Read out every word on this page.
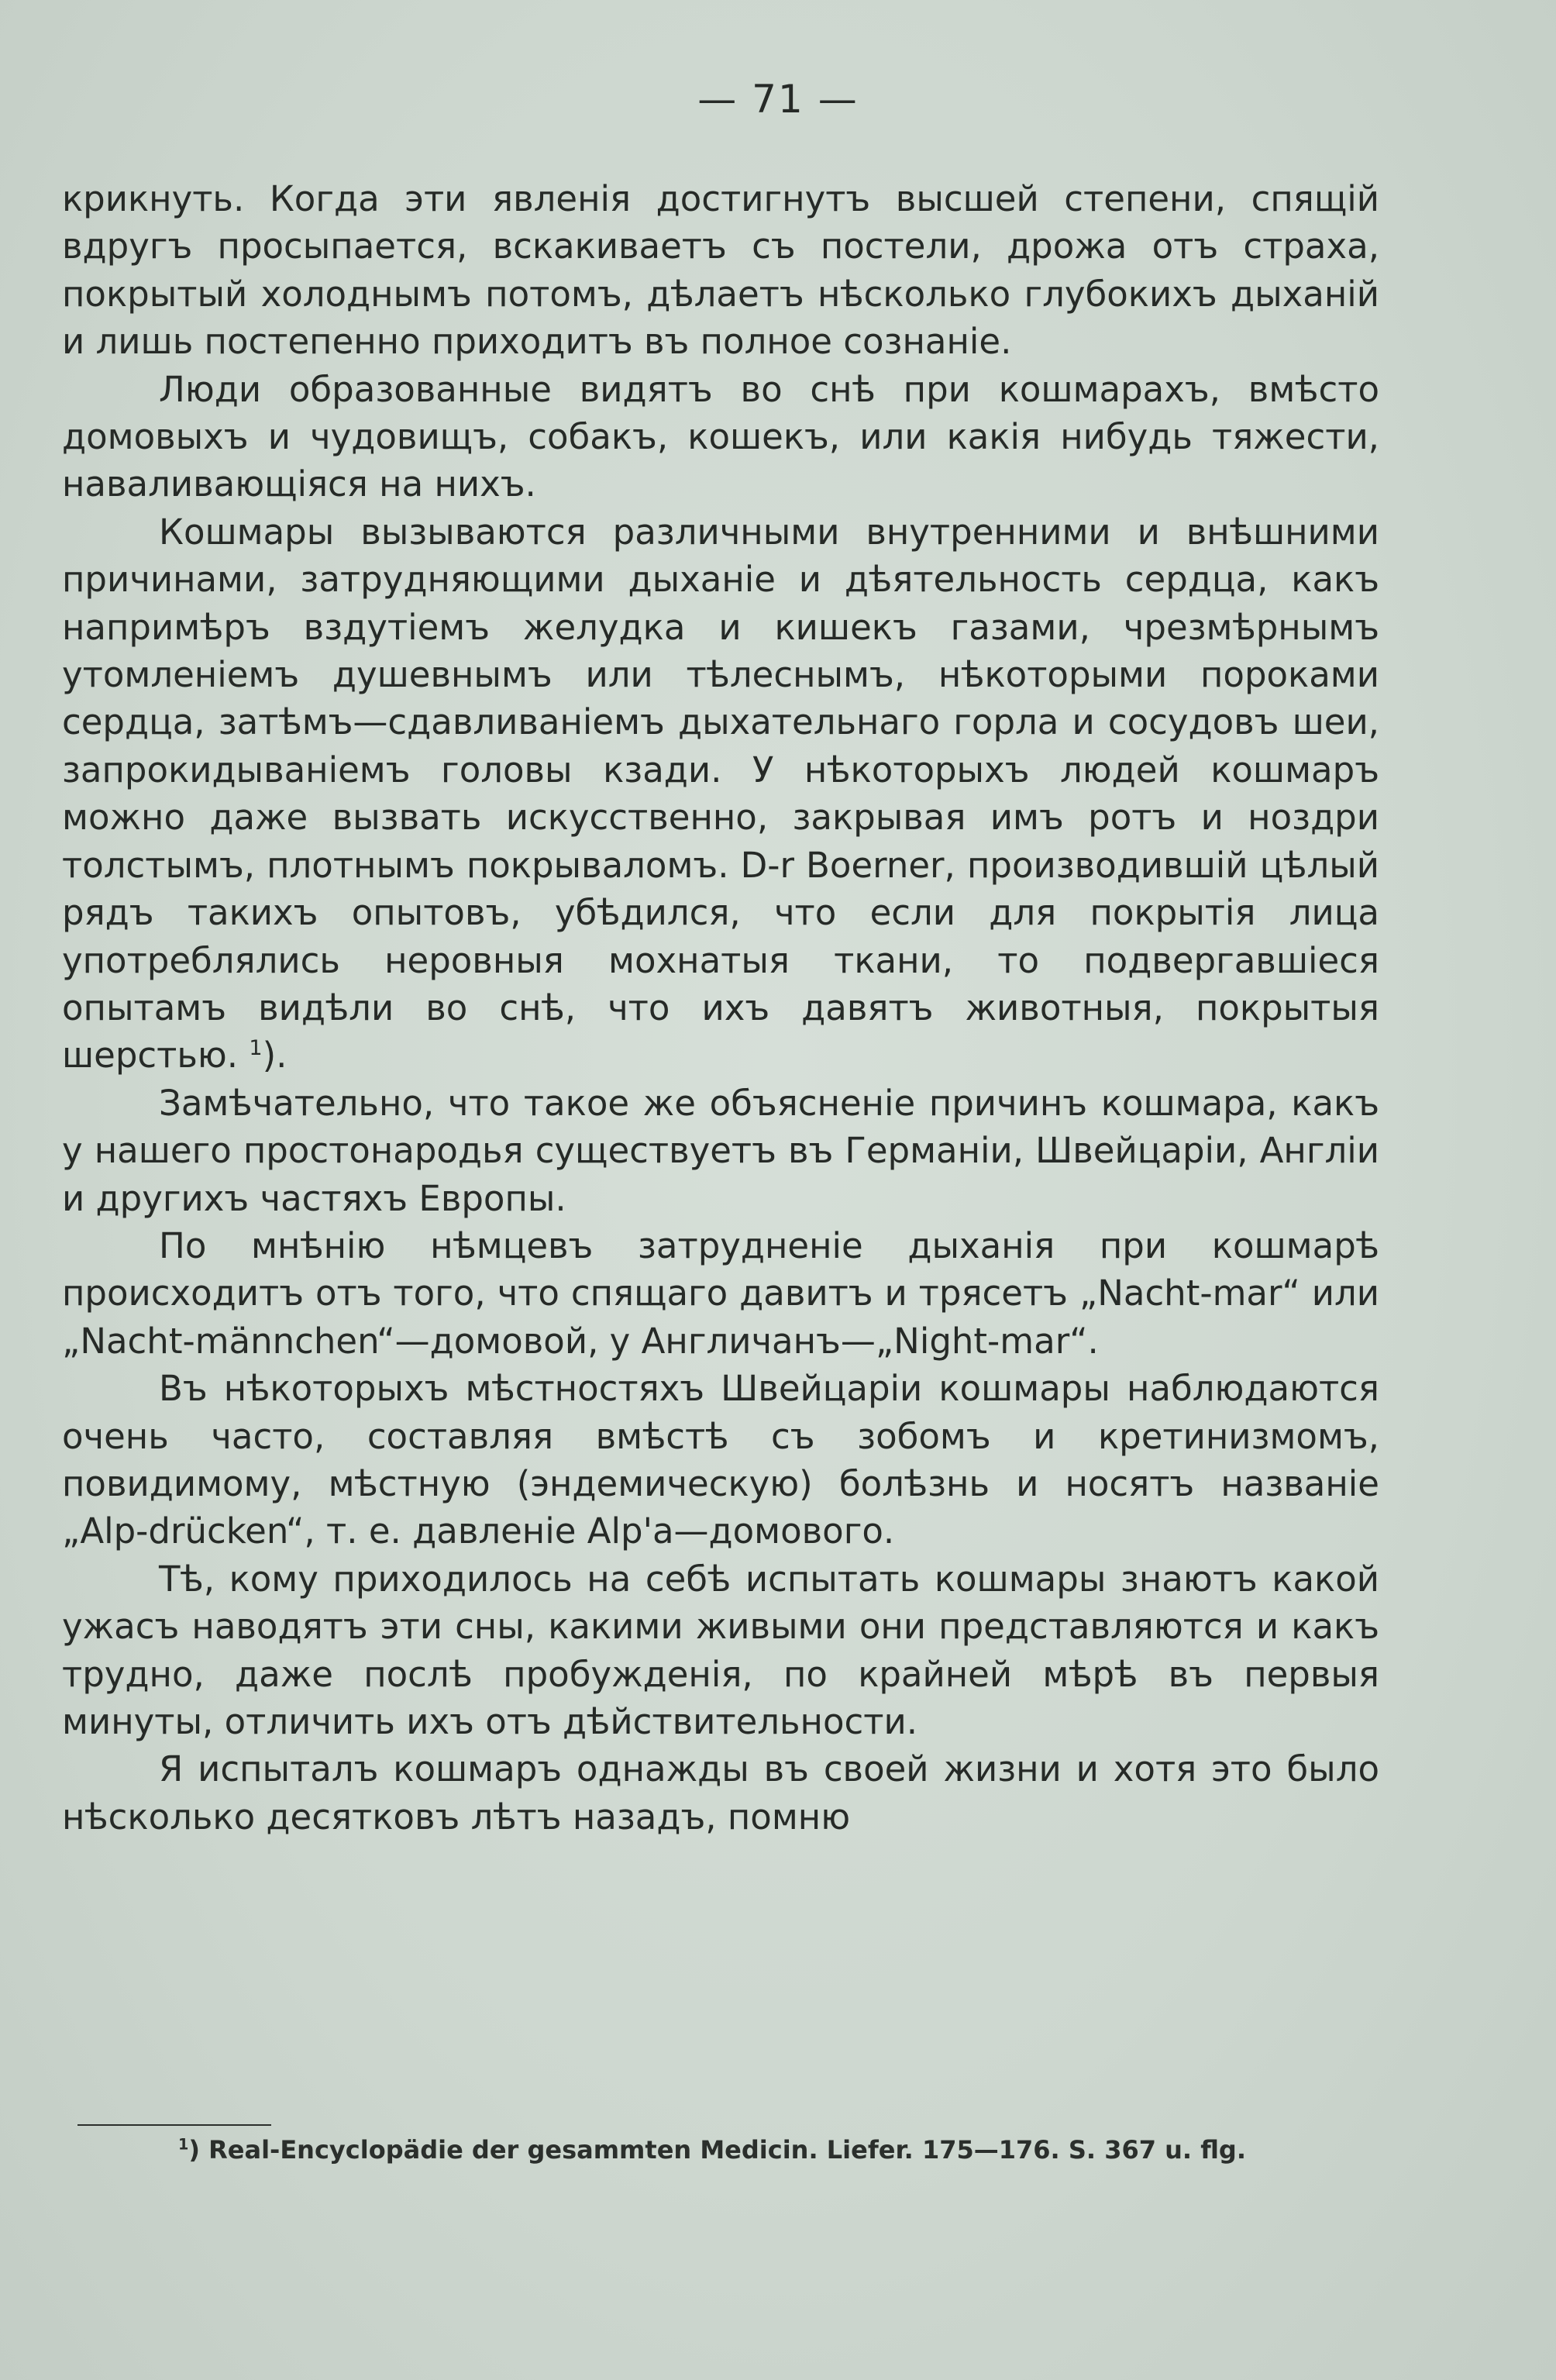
— 71 —

крикнуть. Когда эти явленія достигнутъ высшей степени, спящій вдругъ просыпается, вскакиваетъ съ постели, дрожа отъ страха, покрытый холоднымъ потомъ, дѣлаетъ нѣсколько глубокихъ дыханій и лишь постепенно приходитъ въ полное сознаніе.

Люди образованные видятъ во снѣ при кошмарахъ, вмѣсто домовыхъ и чудовищъ, собакъ, кошекъ, или какія нибудь тяжести, наваливающіяся на нихъ.

Кошмары вызываются различными внутренними и внѣшними причинами, затрудняющими дыханіе и дѣятельность сердца, какъ напримѣръ вздутіемъ желудка и кишекъ газами, чрезмѣрнымъ утомленіемъ душевнымъ или тѣлеснымъ, нѣкоторыми пороками сердца, затѣмъ—сдавливаніемъ дыхательнаго горла и сосудовъ шеи, запрокидываніемъ головы кзади. У нѣкоторыхъ людей кошмаръ можно даже вызвать искусственно, закрывая имъ ротъ и ноздри толстымъ, плотнымъ покрываломъ. D-r Boerner, производившій цѣлый рядъ такихъ опытовъ, убѣдился, что если для покрытія лица употреблялись неровныя мохнатыя ткани, то подвергавшіеся опытамъ видѣли во снѣ, что ихъ давятъ животныя, покрытыя шерстью. $^1$).

Замѣчательно, что такое же объясненіе причинъ кошмара, какъ у нашего простонародья существуетъ въ Германіи, Швейцаріи, Англіи и другихъ частяхъ Европы.

По мнѣнію нѣмцевъ затрудненіе дыханія при кошмарѣ происходитъ отъ того, что спящаго давитъ и трясетъ „Nacht-mar“ или „Nacht-männchen“—домовой, у Англичанъ—„Night-mar“.

Въ нѣкоторыхъ мѣстностяхъ Швейцаріи кошмары наблюдаются очень часто, составляя вмѣстѣ съ зобомъ и кретинизмомъ, повидимому, мѣстную (эндемическую) болѣзнь и носятъ названіе „Alp-drücken“, т. е. давленіе Alp'a—домового.

Тѣ, кому приходилось на себѣ испытать кошмары знаютъ какой ужасъ наводятъ эти сны, какими живыми они представляются и какъ трудно, даже послѣ пробужденія, по крайней мѣрѣ въ первыя минуты, отличить ихъ отъ дѣйствительности.

Я испыталъ кошмаръ однажды въ своей жизни и хотя это было нѣсколько десятковъ лѣтъ назадъ, помню

$^1$) Real-Encyclopädie der gesammten Medicin. Liefer. 175—176. S. 367 u. flg.
